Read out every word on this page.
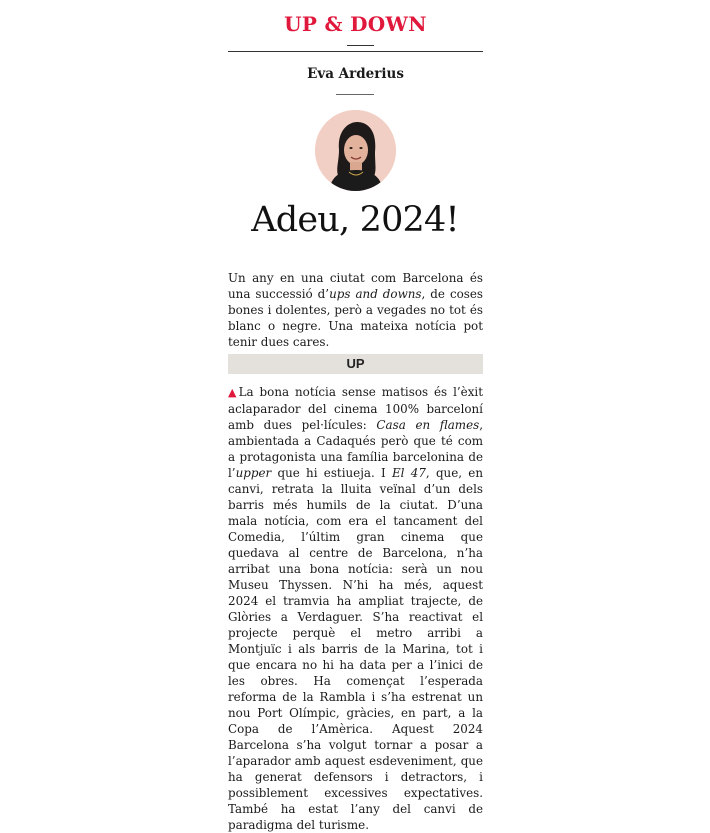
UP & DOWN
Eva Arderius
Adeu, 2024!
Un any en una ciutat com Barcelona és una successió d’ups and downs, de coses bones i dolentes, però a vegades no tot és blanc o negre. Una mateixa notícia pot tenir dues cares.
UP
▲La bona notícia sense matisos és l’èxit aclaparador del cinema 100% barceloní amb dues pel·lícules: Casa en flames, ambientada a Cadaqués però que té com a protagonista una família barcelonina de l’upper que hi estiueja. I El 47, que, en canvi, retrata la lluita veïnal d’un dels barris més humils de la ciutat. D’una mala notícia, com era el tancament del Comedia, l’últim gran cinema que quedava al centre de Barcelona, n’ha arribat una bona notícia: serà un nou Museu Thyssen. N’hi ha més, aquest 2024 el tramvia ha ampliat trajecte, de Glòries a Verdaguer. S’ha reactivat el projecte perquè el metro arribi a Montjuïc i als barris de la Marina, tot i que encara no hi ha data per a l’inici de les obres. Ha començat l’esperada reforma de la Rambla i s’ha estrenat un nou Port Olímpic, gràcies, en part, a la Copa de l’Amèrica. Aquest 2024 Barcelona s’ha volgut tornar a posar a l’aparador amb aquest esdeveniment, que ha generat defensors i detractors, i possiblement excessives expectatives. També ha estat l’any del canvi de paradigma del turisme.
